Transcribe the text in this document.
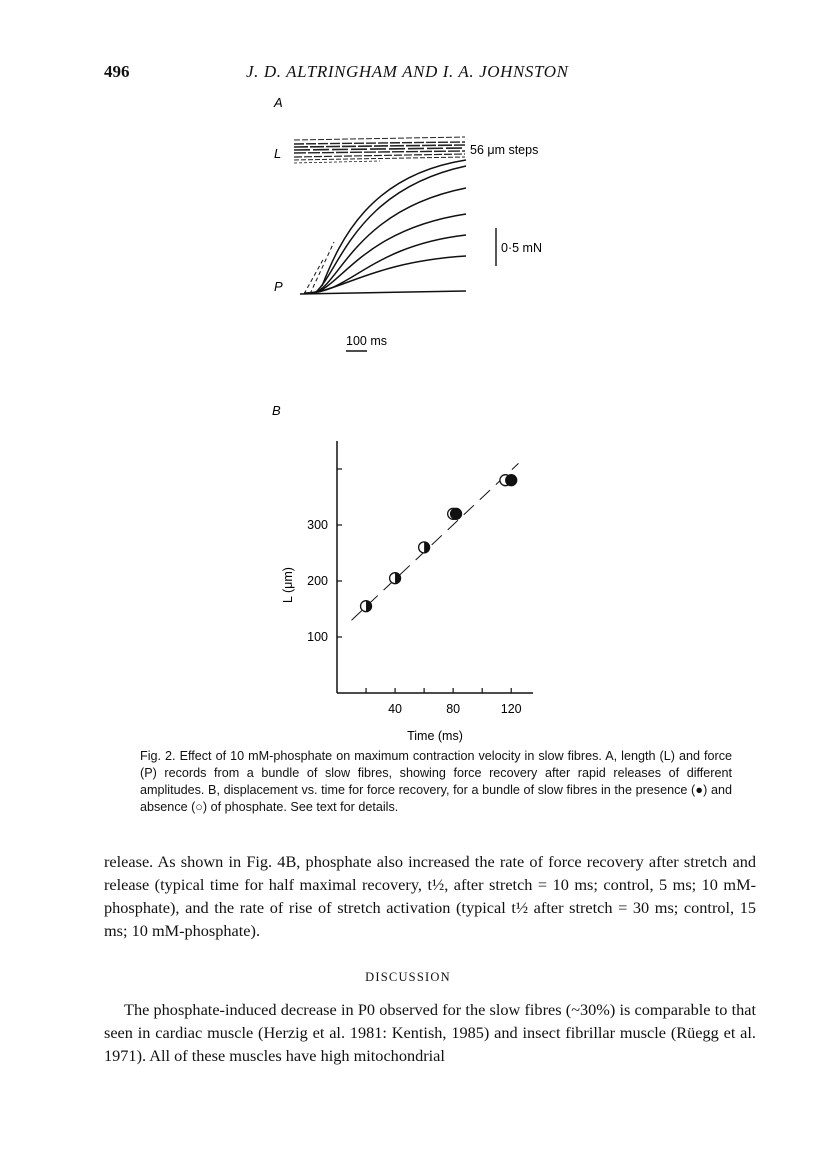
496	J. D. ALTRINGHAM AND I. A. JOHNSTON
A
L
P
56 μm steps
0·5 mN
100 ms
B
100
200
300
40	80	120
L (μm)
Time (ms)
Fig. 2. Effect of 10 mM-phosphate on maximum contraction velocity in slow fibres. A, length (L) and force (P) records from a bundle of slow fibres, showing force recovery after rapid releases of different amplitudes. B, displacement vs. time for force recovery, for a bundle of slow fibres in the presence (●) and absence (○) of phosphate. See text for details.
release. As shown in Fig. 4B, phosphate also increased the rate of force recovery after stretch and release (typical time for half maximal recovery, t½, after stretch = 10 ms; control, 5 ms; 10 mM-phosphate), and the rate of rise of stretch activation (typical t½ after stretch = 30 ms; control, 15 ms; 10 mM-phosphate).
DISCUSSION
The phosphate-induced decrease in P0 observed for the slow fibres (~30%) is comparable to that seen in cardiac muscle (Herzig et al. 1981: Kentish, 1985) and insect fibrillar muscle (Rüegg et al. 1971). All of these muscles have high mitochondrial
